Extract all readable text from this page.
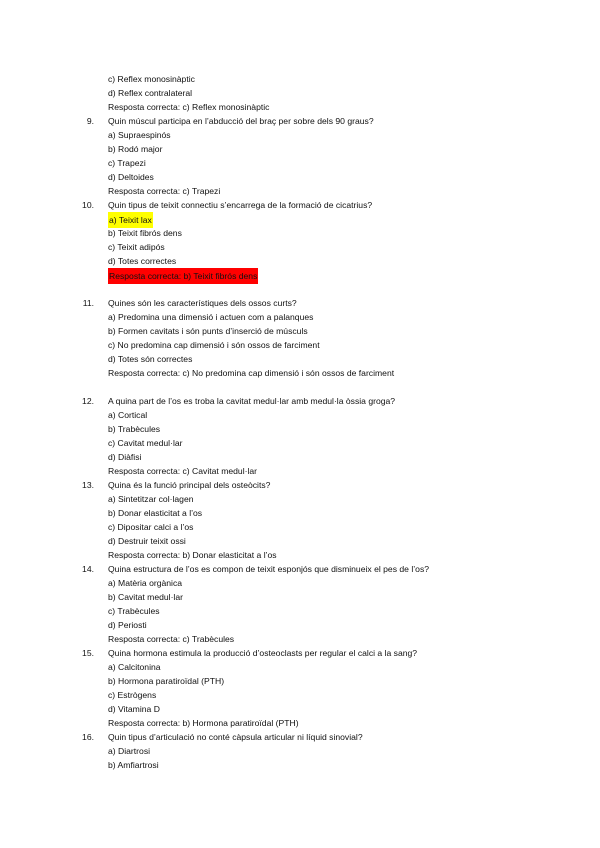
c) Reflex monosinàptic
d) Reflex contralateral
Resposta correcta: c) Reflex monosinàptic
9. Quin múscul participa en l’abducció del braç per sobre dels 90 graus?
a) Supraespinós
b) Rodó major
c) Trapezi
d) Deltoides
Resposta correcta: c) Trapezi
10. Quin tipus de teixit connectiu s’encarrega de la formació de cicatrius?
a) Teixit lax
b) Teixit fibrós dens
c) Teixit adipós
d) Totes correctes
Resposta correcta: b) Teixit fibrós dens
11. Quines són les característiques dels ossos curts?
a) Predomina una dimensió i actuen com a palanques
b) Formen cavitats i són punts d’inserció de músculs
c) No predomina cap dimensió i són ossos de farciment
d) Totes són correctes
Resposta correcta: c) No predomina cap dimensió i són ossos de farciment
12. A quina part de l’os es troba la cavitat medul·lar amb medul·la òssia groga?
a) Cortical
b) Trabècules
c) Cavitat medul·lar
d) Diàfisi
Resposta correcta: c) Cavitat medul·lar
13. Quina és la funció principal dels osteòcits?
a) Sintetitzar col·lagen
b) Donar elasticitat a l’os
c) Dipositar calci a l’os
d) Destruir teixit ossi
Resposta correcta: b) Donar elasticitat a l’os
14. Quina estructura de l’os es compon de teixit esponjós que disminueix el pes de l’os?
a) Matèria orgànica
b) Cavitat medul·lar
c) Trabècules
d) Periosti
Resposta correcta: c) Trabècules
15. Quina hormona estimula la producció d’osteoclasts per regular el calci a la sang?
a) Calcitonina
b) Hormona paratiroïdal (PTH)
c) Estrògens
d) Vitamina D
Resposta correcta: b) Hormona paratiroïdal (PTH)
16. Quin tipus d’articulació no conté càpsula articular ni líquid sinovial?
a) Diartrosi
b) Amfiartrosi
